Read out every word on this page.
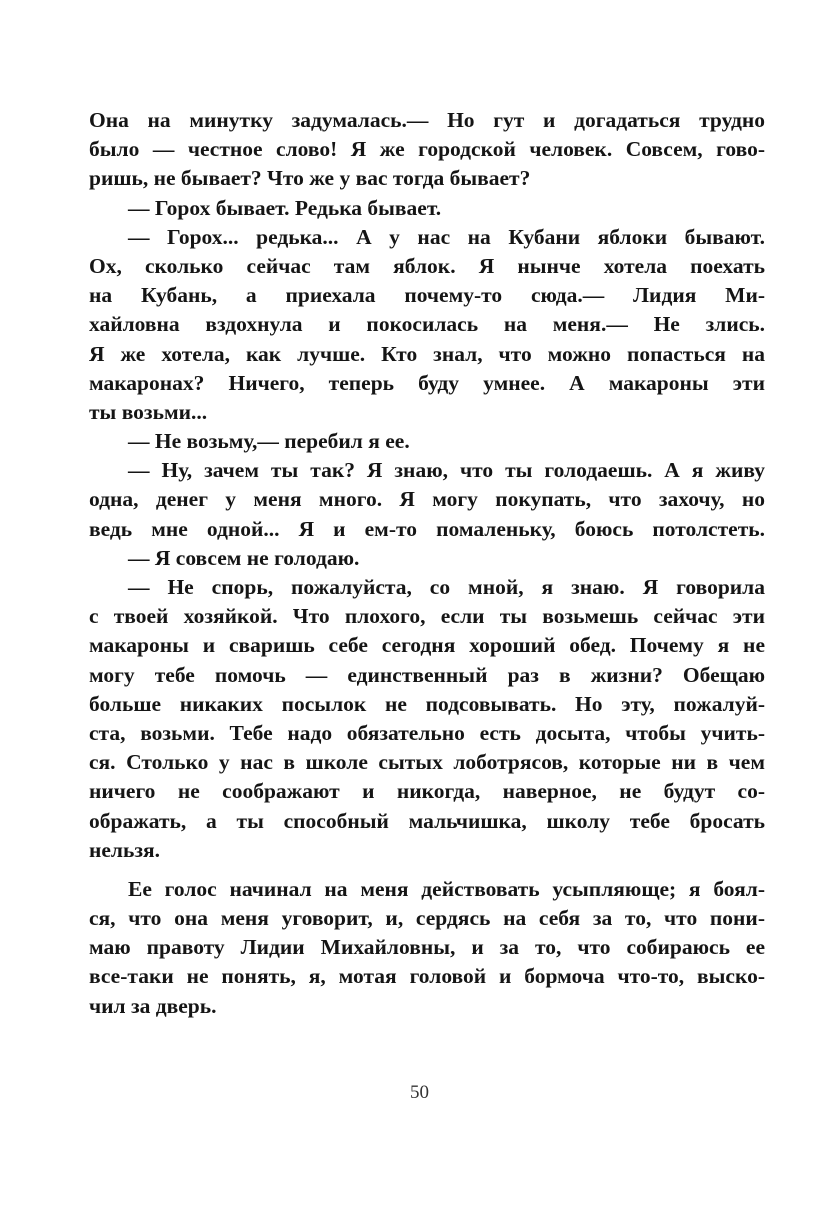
Она на минутку задумалась.— Но гут и догадаться трудно
было — честное слово! Я же городской человек. Совсем, гово-
ришь, не бывает? Что же у вас тогда бывает?
— Горох бывает. Редька бывает.
— Горох... редька... А у нас на Кубани яблоки бывают.
Ох, сколько сейчас там яблок. Я нынче хотела поехать
на Кубань, а приехала почему-то сюда.— Лидия Ми-
хайловна вздохнула и покосилась на меня.— Не злись.
Я же хотела, как лучше. Кто знал, что можно попасться на
макаронах? Ничего, теперь буду умнее. А макароны эти
ты возьми...
— Не возьму,— перебил я ее.
— Ну, зачем ты так? Я знаю, что ты голодаешь. А я живу
одна, денег у меня много. Я могу покупать, что захочу, но
ведь мне одной... Я и ем-то помаленьку, боюсь потолстеть.
— Я совсем не голодаю.
— Не спорь, пожалуйста, со мной, я знаю. Я говорила
с твоей хозяйкой. Что плохого, если ты возьмешь сейчас эти
макароны и сваришь себе сегодня хороший обед. Почему я не
могу тебе помочь — единственный раз в жизни? Обещаю
больше никаких посылок не подсовывать. Но эту, пожалуй-
ста, возьми. Тебе надо обязательно есть досыта, чтобы учить-
ся. Столько у нас в школе сытых лоботрясов, которые ни в чем
ничего не соображают и никогда, наверное, не будут со-
ображать, а ты способный мальчишка, школу тебе бросать
нельзя.
Ее голос начинал на меня действовать усыпляюще; я боял-
ся, что она меня уговорит, и, сердясь на себя за то, что пони-
маю правоту Лидии Михайловны, и за то, что собираюсь ее
все-таки не понять, я, мотая головой и бормоча что-то, выско-
чил за дверь.
50
